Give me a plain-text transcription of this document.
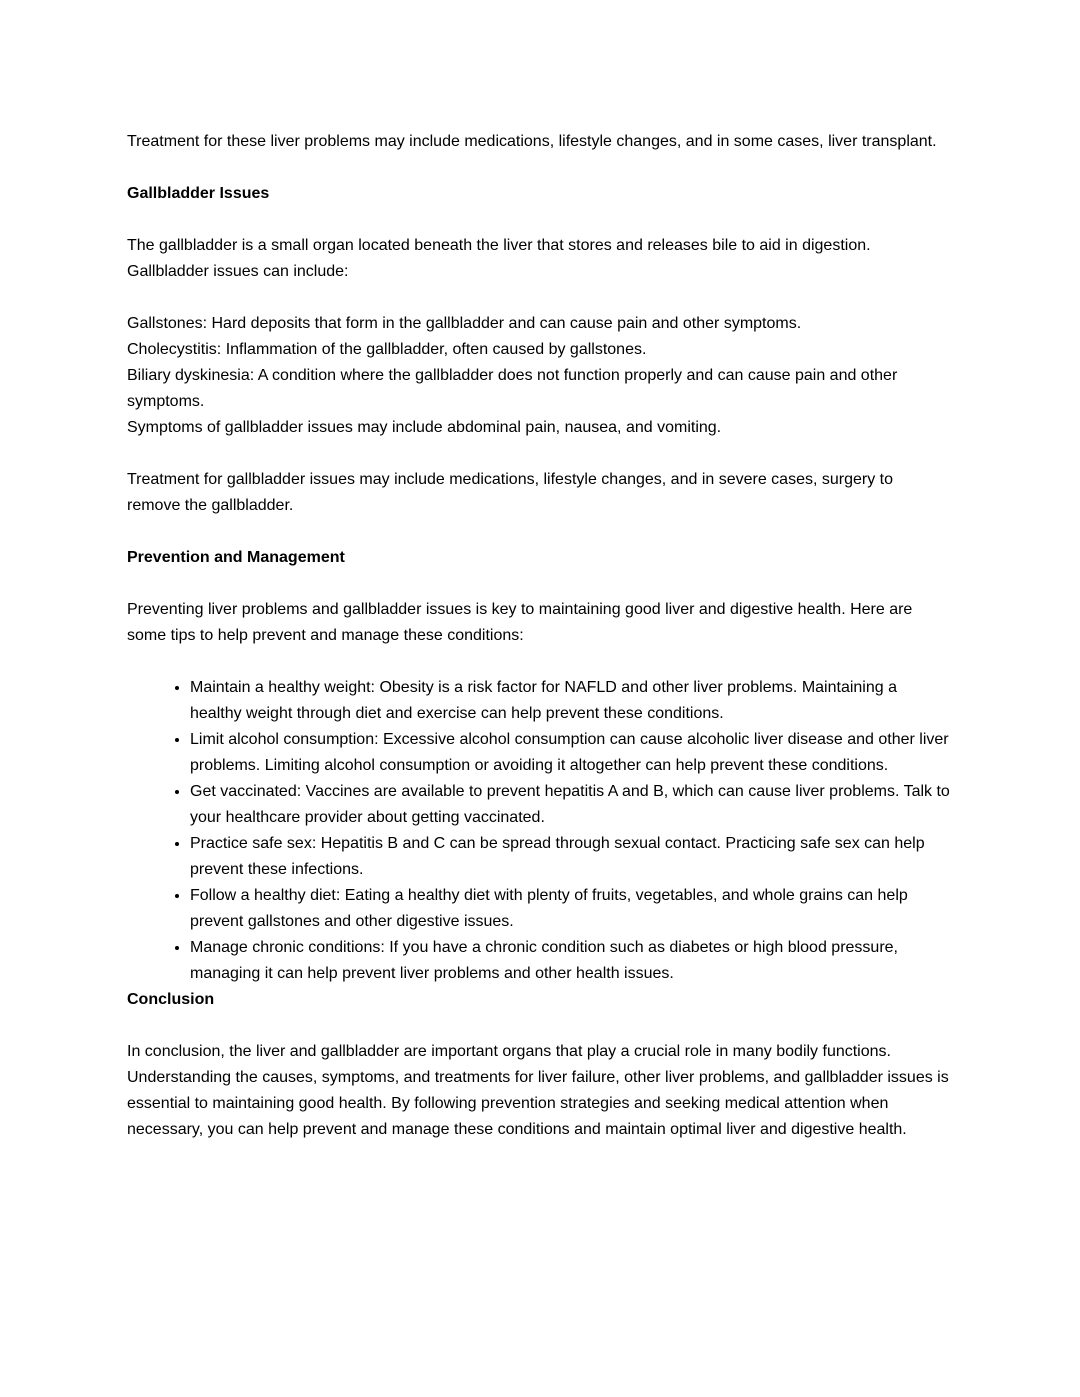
Treatment for these liver problems may include medications, lifestyle changes, and in some cases, liver transplant.

Gallbladder Issues

The gallbladder is a small organ located beneath the liver that stores and releases bile to aid in digestion. Gallbladder issues can include:

Gallstones: Hard deposits that form in the gallbladder and can cause pain and other symptoms.
Cholecystitis: Inflammation of the gallbladder, often caused by gallstones.
Biliary dyskinesia: A condition where the gallbladder does not function properly and can cause pain and other symptoms.
Symptoms of gallbladder issues may include abdominal pain, nausea, and vomiting.

Treatment for gallbladder issues may include medications, lifestyle changes, and in severe cases, surgery to remove the gallbladder.

Prevention and Management

Preventing liver problems and gallbladder issues is key to maintaining good liver and digestive health. Here are some tips to help prevent and manage these conditions:

• Maintain a healthy weight: Obesity is a risk factor for NAFLD and other liver problems. Maintaining a healthy weight through diet and exercise can help prevent these conditions.
• Limit alcohol consumption: Excessive alcohol consumption can cause alcoholic liver disease and other liver problems. Limiting alcohol consumption or avoiding it altogether can help prevent these conditions.
• Get vaccinated: Vaccines are available to prevent hepatitis A and B, which can cause liver problems. Talk to your healthcare provider about getting vaccinated.
• Practice safe sex: Hepatitis B and C can be spread through sexual contact. Practicing safe sex can help prevent these infections.
• Follow a healthy diet: Eating a healthy diet with plenty of fruits, vegetables, and whole grains can help prevent gallstones and other digestive issues.
• Manage chronic conditions: If you have a chronic condition such as diabetes or high blood pressure, managing it can help prevent liver problems and other health issues.
Conclusion

In conclusion, the liver and gallbladder are important organs that play a crucial role in many bodily functions. Understanding the causes, symptoms, and treatments for liver failure, other liver problems, and gallbladder issues is essential to maintaining good health. By following prevention strategies and seeking medical attention when necessary, you can help prevent and manage these conditions and maintain optimal liver and digestive health.
